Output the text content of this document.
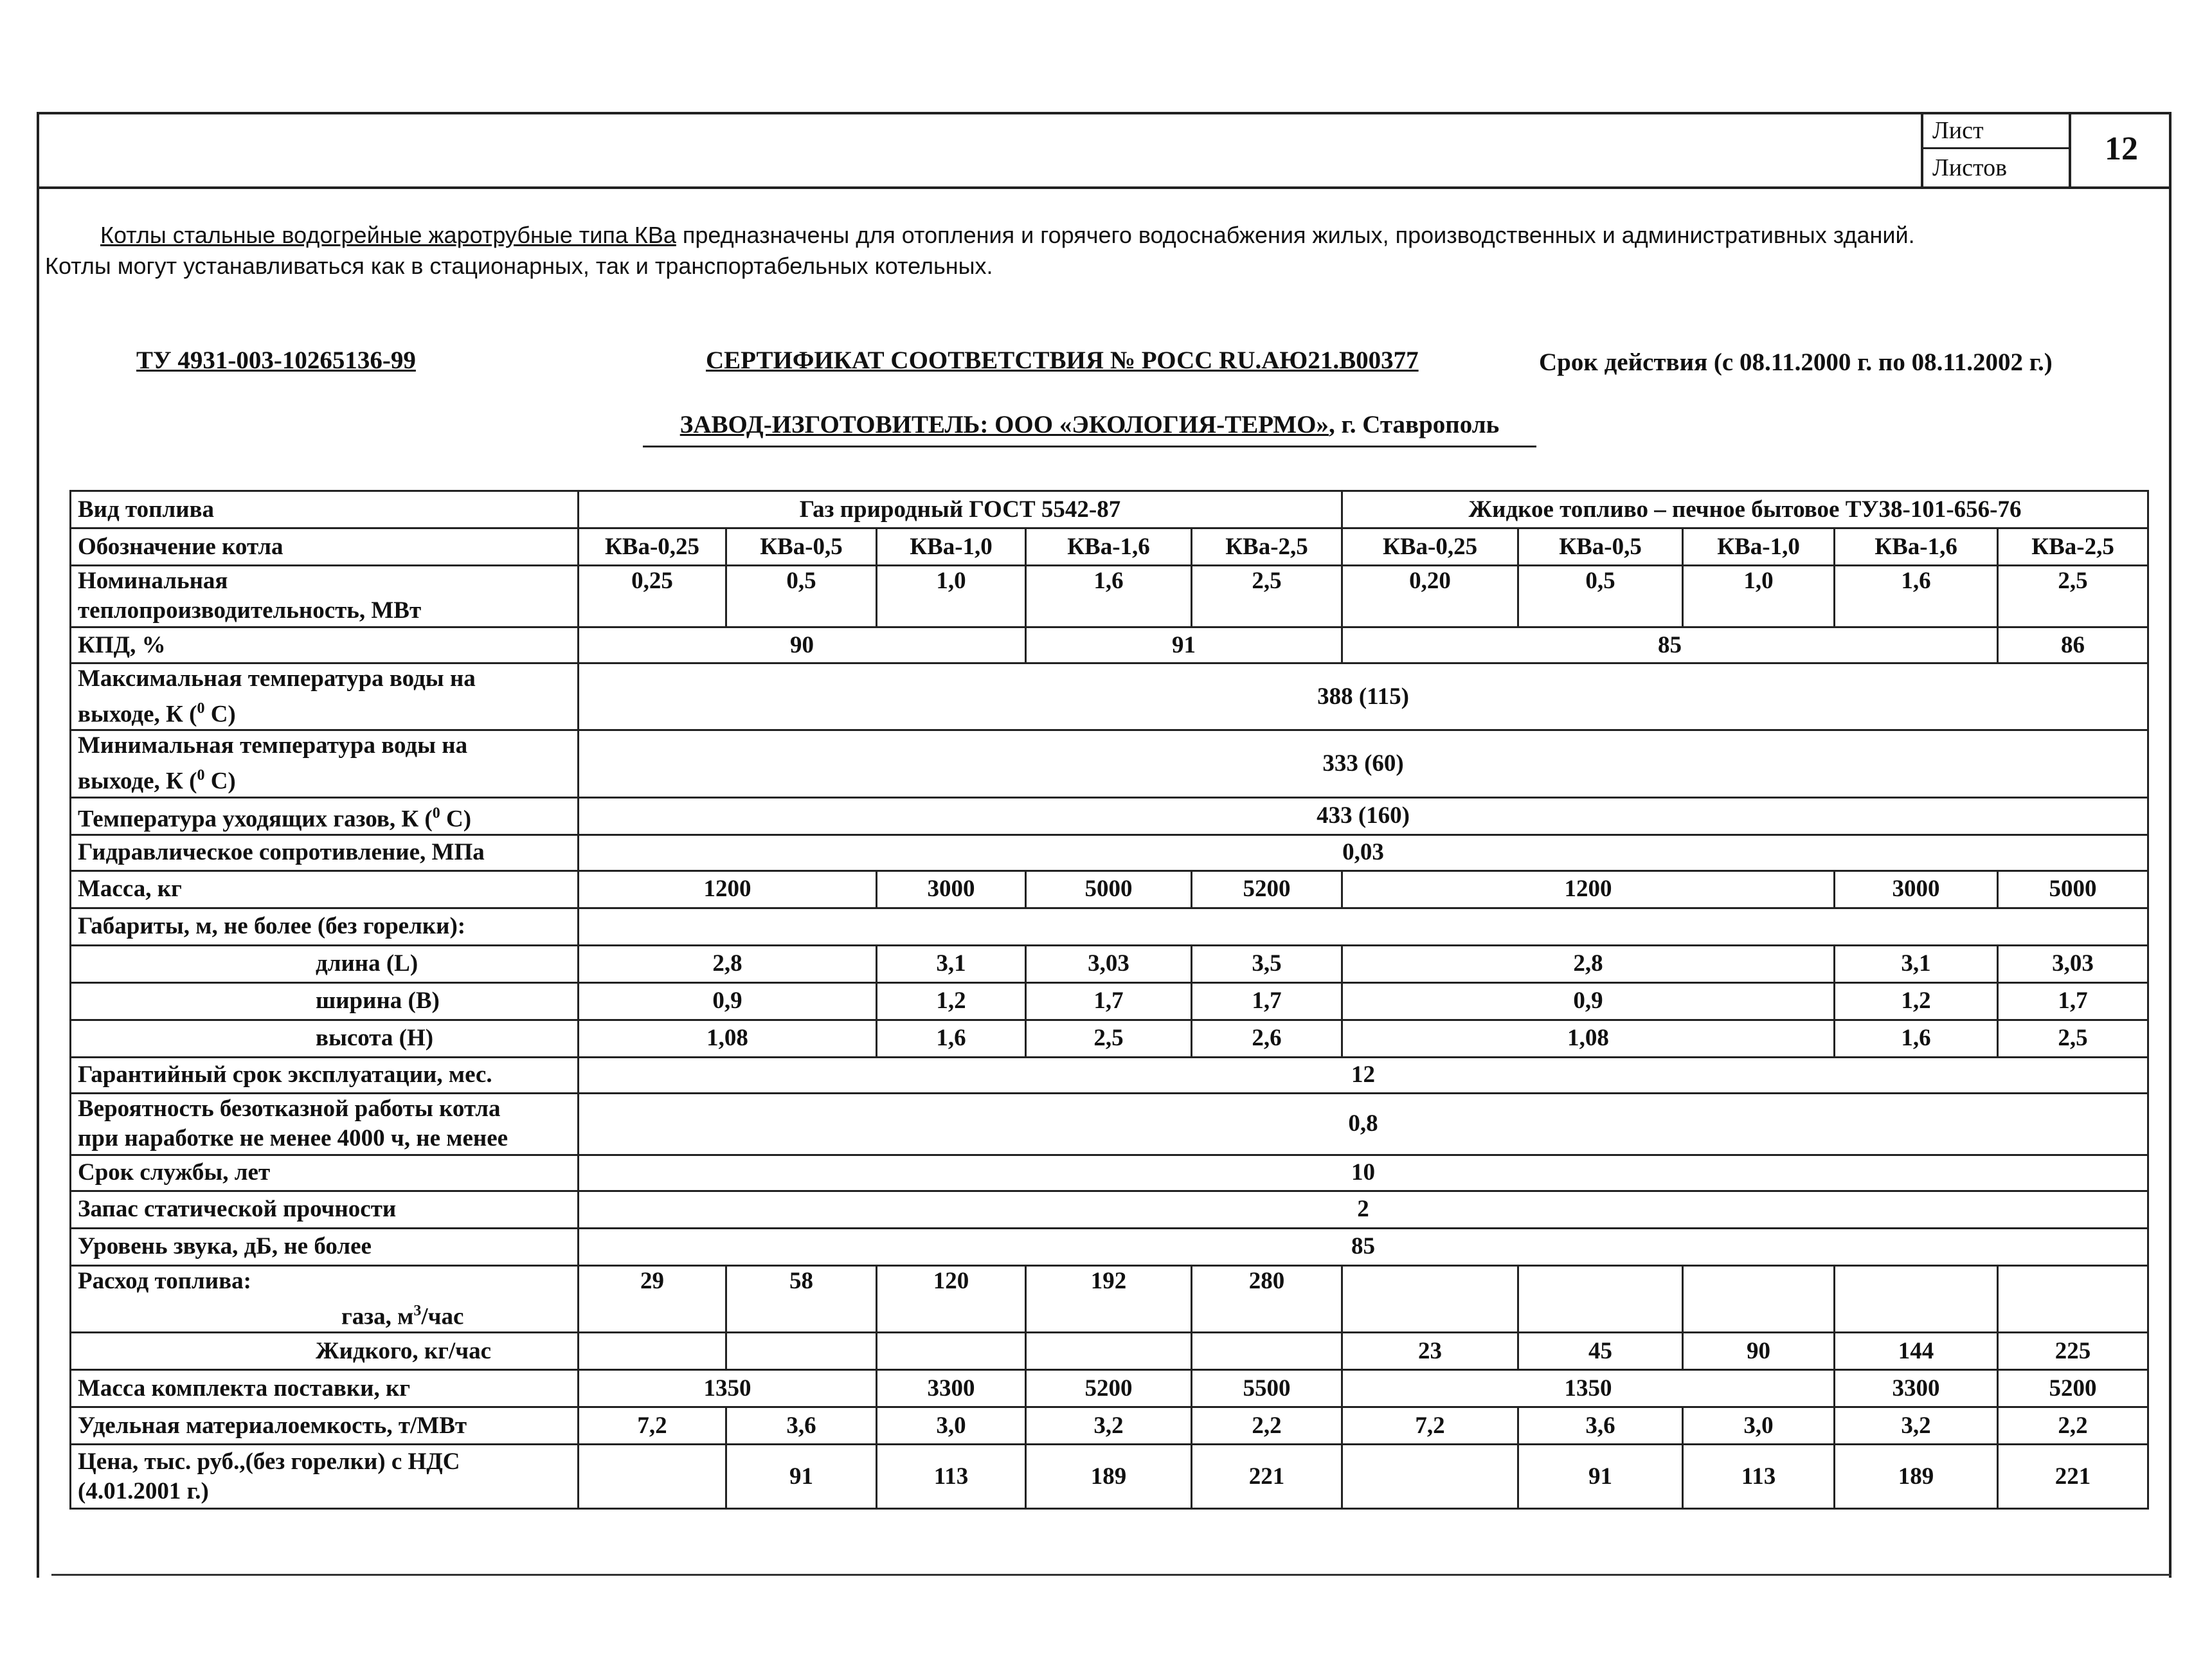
Лист
Листов
12
Котлы стальные водогрейные жаротрубные типа КВа предназначены для отопления и горячего водоснабжения жилых, производственных и административных зданий.
Котлы могут устанавливаться как в стационарных, так и транспортабельных котельных.
ТУ 4931-003-10265136-99	СЕРТИФИКАТ СООТВЕТСТВИЯ № РОСС RU.АЮ21.В00377	Срок действия (с 08.11.2000 г. по 08.11.2002 г.)
ЗАВОД-ИЗГОТОВИТЕЛЬ: ООО «ЭКОЛОГИЯ-ТЕРМО», г. Ставрополь
Вид топлива	Газ природный ГОСТ 5542-87					Жидкое топливо – печное бытовое ТУ38-101-656-76					
Обозначение котла	КВа-0,25	КВа-0,5	КВа-1,0	КВа-1,6	КВа-2,5	КВа-0,25	КВа-0,5	КВа-1,0	КВа-1,6	КВа-2,5	

Номинальная
теплопроизводительность, МВт	0,25	0,5	1,0	1,6	2,5	0,20	0,5	1,0	1,6	2,5	
КПД, %	90			91		85				86	

Максимальная температура воды на
выходе, К ($^0$ С)	388 (115)										

Минимальная температура воды на
выходе, К ($^0$ С)	333 (60)										
Температура уходящих газов, К ($^0$ С)	433 (160)										
Гидравлическое сопротивление, МПа	0,03										
Масса, кг	1200		3000	5000	5200	1200			3000	5000	
Габариты, м, не более (без горелки):											
длина (L)	2,8		3,1	3,03	3,5	2,8			3,1	3,03	
ширина (В)	0,9		1,2	1,7	1,7	0,9			1,2	1,7	
высота (Н)	1,08		1,6	2,5	2,6	1,08			1,6	2,5	
Гарантийный срок эксплуатации, мес.	12										

Вероятность безотказной работы котла
при наработке не менее 4000 ч, не менее	0,8										
Срок службы, лет	10										
Запас статической прочности	2										
Уровень звука, дБ, не более	85										

Расход топлива:
газа, $м^3$/час	29	58	120	192	280						
Жидкого, кг/час						23	45	90	144	225	
Масса комплекта поставки, кг	1350		3300	5200	5500	1350			3300	5200	
Удельная материалоемкость, т/МВт	7,2	3,6	3,0	3,2	2,2	7,2	3,6	3,0	3,2	2,2	

Цена, тыс. руб.,(без горелки) с НДС
(4.01.2001 г.)		91	113	189	221		91	113	189	221	
